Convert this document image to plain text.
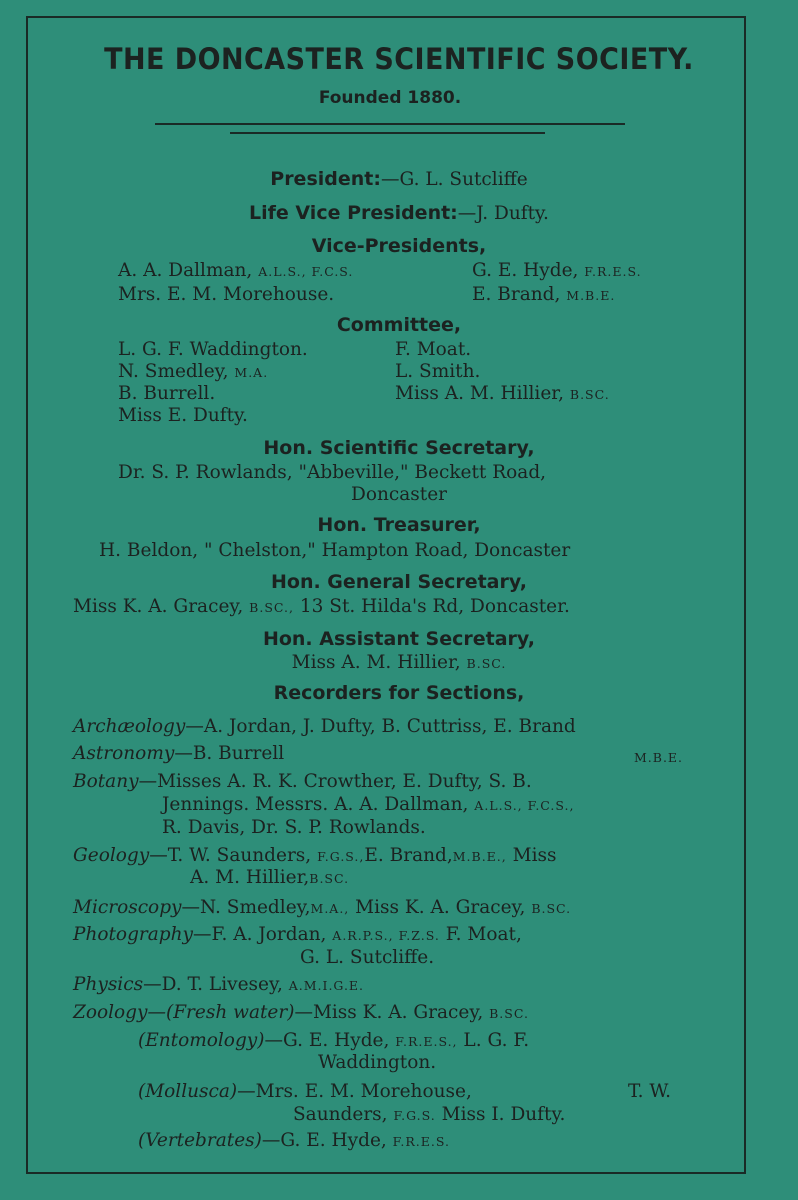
THE DONCASTER SCIENTIFIC SOCIETY.
Founded 1880.
President:—G. L. Sutcliffe
Life Vice President:—J. Dufty.
Vice-Presidents,
A. A. Dallman, A.L.S., F.C.S.	G. E. Hyde, F.R.E.S.
Mrs. E. M. Morehouse.	E. Brand, M.B.E.
Committee,
L. G. F. Waddington.	F. Moat.
N. Smedley, M.A.	L. Smith.
B. Burrell.	Miss A. M. Hillier, B.SC.
Miss E. Dufty.
Hon. Scientific Secretary,
Dr. S. P. Rowlands, "Abbeville," Beckett Road,
Doncaster
Hon. Treasurer,
H. Beldon, " Chelston," Hampton Road, Doncaster
Hon. General Secretary,
Miss K. A. Gracey, B.SC., 13 St. Hilda's Rd, Doncaster.
Hon. Assistant Secretary,
Miss A. M. Hillier, B.SC.
Recorders for Sections,
Archæology—A. Jordan, J. Dufty, B. Cuttriss, E. Brand
Astronomy—B. Burrell	M.B.E.
Botany—Misses A. R. K. Crowther, E. Dufty, S. B.
Jennings. Messrs. A. A. Dallman, A.L.S., F.C.S.,
R. Davis, Dr. S. P. Rowlands.
Geology—T. W. Saunders, F.G.S.,E. Brand,M.B.E., Miss
A. M. Hillier,B.SC.
Microscopy—N. Smedley,M.A., Miss K. A. Gracey, B.SC.
Photography—F. A. Jordan, A.R.P.S., F.Z.S. F. Moat,
G. L. Sutcliffe.
Physics—D. T. Livesey, A.M.I.G.E.
Zoology—(Fresh water)—Miss K. A. Gracey, B.SC.
(Entomology)—G. E. Hyde, F.R.E.S., L. G. F.
Waddington.
(Mollusca)—Mrs. E. M. Morehouse,	T. W.
Saunders, F.G.S. Miss I. Dufty.
(Vertebrates)—G. E. Hyde, F.R.E.S.
